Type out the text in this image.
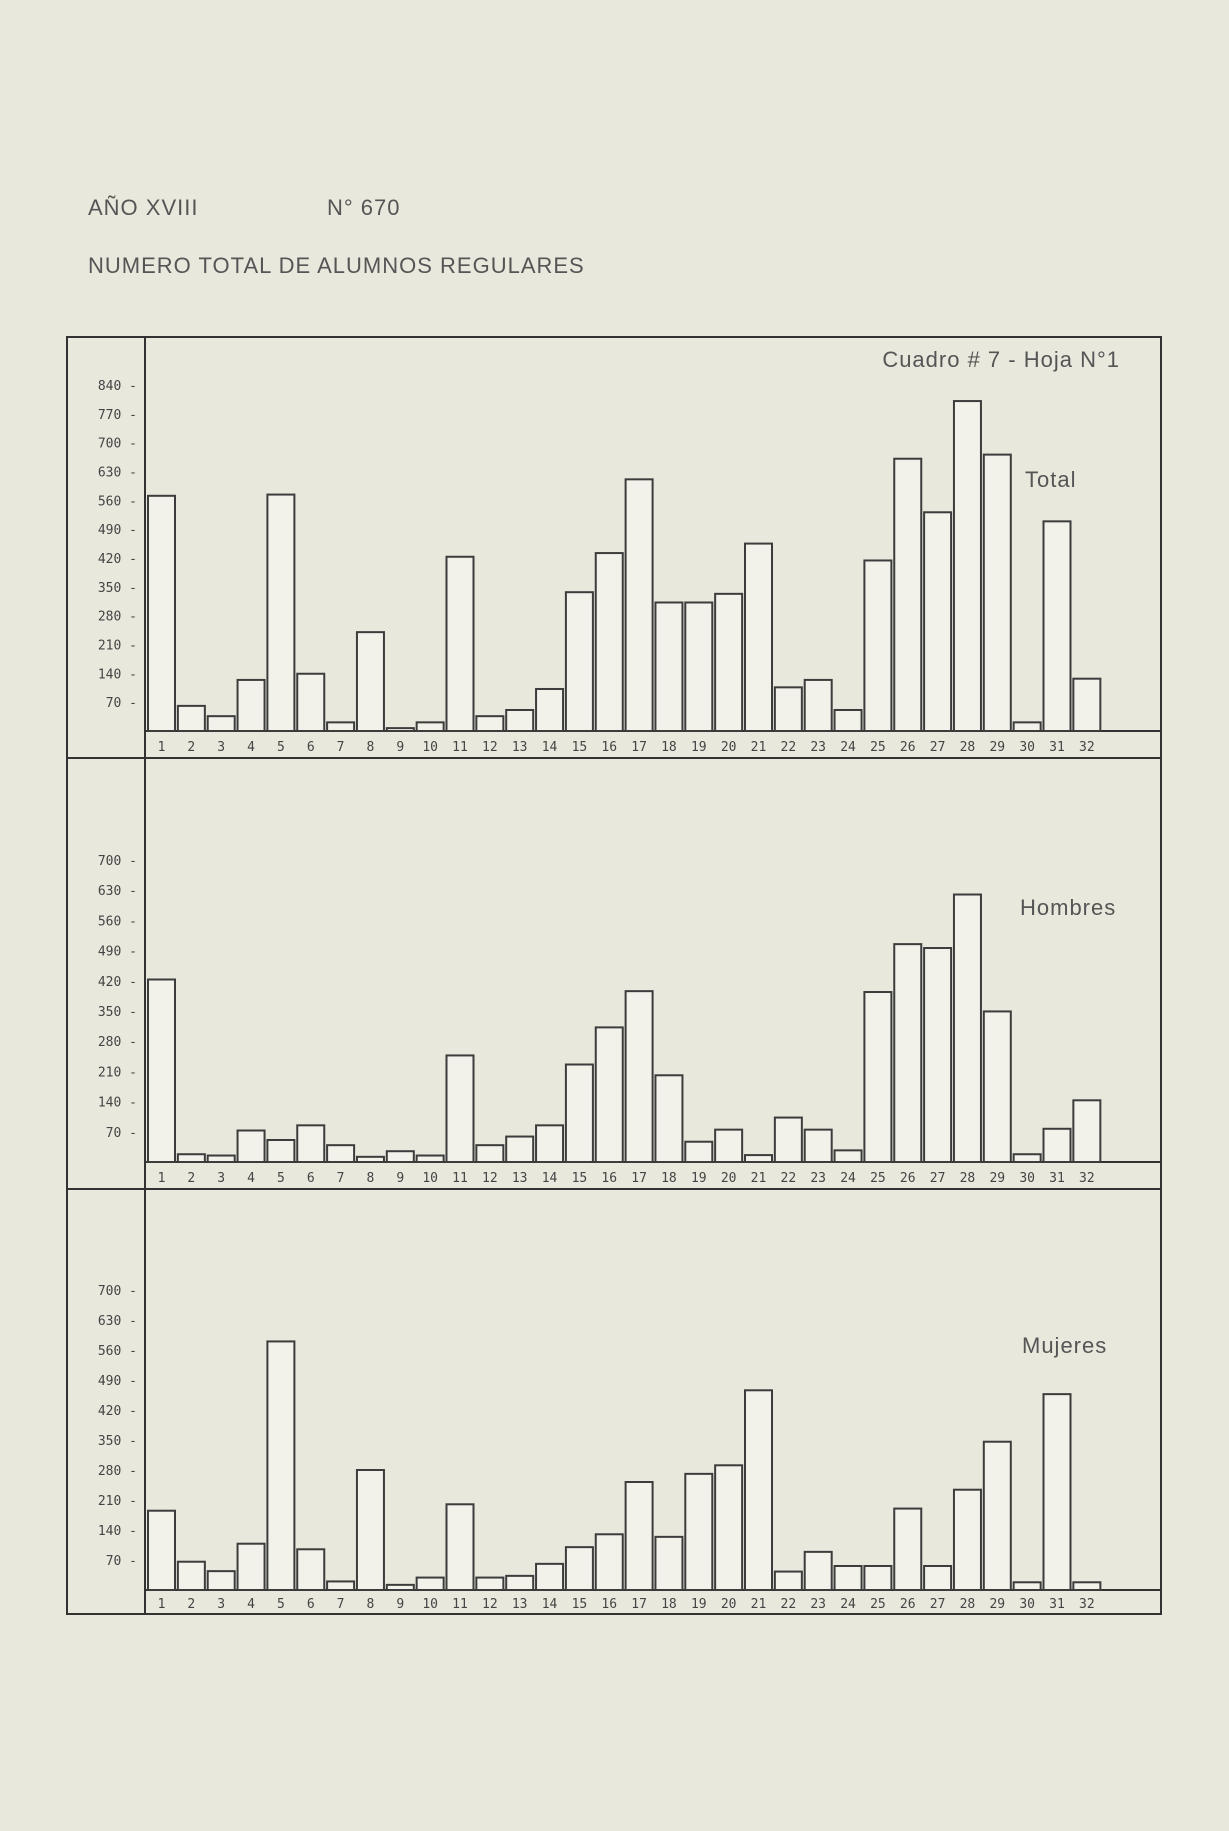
AÑO XVIII	N° 670
NUMERO TOTAL DE ALUMNOS REGULARES
Cuadro # 7 - Hoja N°1
Total
840 -
770 -
700 -
630 -
560 -
490 -
420 -
350 -
280 -
210 -
140 -
70 -
1 2 3 4 5 6 7 8 9 10 11 12 13 14 15 16 17 18 19 20 21 22 23 24 25 26 27 28 29 30 31 32
Hombres
700 -
630 -
560 -
490 -
420 -
350 -
280 -
210 -
140 -
70 -
1 2 3 4 5 6 7 8 9 10 11 12 13 14 15 16 17 18 19 20 21 22 23 24 25 26 27 28 29 30 31 32
Mujeres
700 -
630 -
560 -
490 -
420 -
350 -
280 -
210 -
140 -
70 -
1 2 3 4 5 6 7 8 9 10 11 12 13 14 15 16 17 18 19 20 21 22 23 24 25 26 27 28 29 30 31 32
